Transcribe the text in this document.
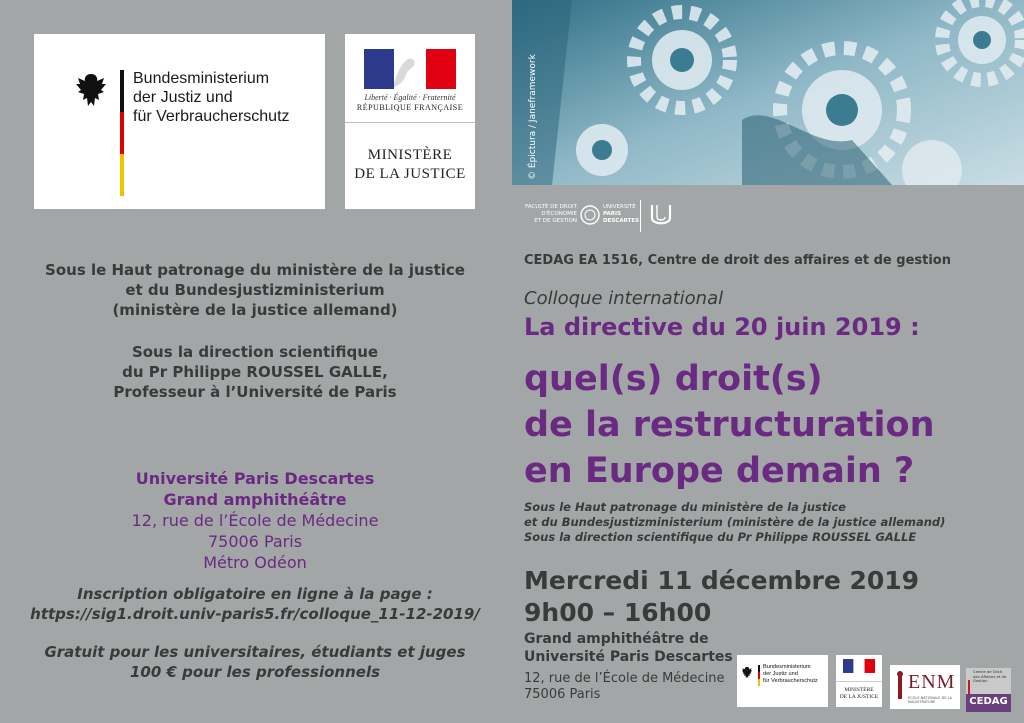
Bundesministerium
der Justiz und
für Verbraucherschutz
Liberté · Égalité · Fraternité
RÉPUBLIQUE FRANÇAISE
MINISTÈRE
DE LA JUSTICE	© Épictura / Janeframework
FACULTÉ DE DROIT
D'ÉCONOMIE
ET DE GESTION
UNIVERSITÉ
PARIS
DESCARTES
Sous le Haut patronage du ministère de la justice
et du Bundesjustizministerium
(ministère de la justice allemand)
Sous la direction scientifique
du Pr Philippe ROUSSEL GALLE,
Professeur à l’Université de Paris
Université Paris Descartes
Grand amphithéâtre
12, rue de l’École de Médecine
75006 Paris
Métro Odéon
Inscription obligatoire en ligne à la page :
https://sig1.droit.univ-paris5.fr/colloque_11-12-2019/
Gratuit pour les universitaires, étudiants et juges
100 € pour les professionnels
CEDAG EA 1516, Centre de droit des affaires et de gestion
Colloque international
La directive du 20 juin 2019 :
quel(s) droit(s)
de la restructuration
en Europe demain ?
Sous le Haut patronage du ministère de la justice
et du Bundesjustizministerium (ministère de la justice allemand)
Sous la direction scientifique du Pr Philippe ROUSSEL GALLE
Mercredi 11 décembre 2019
9h00 – 16h00
Grand amphithéâtre de
Université Paris Descartes
12, rue de l’École de Médecine
75006 Paris
Bundesministerium
der Justiz und
für Verbraucherschutz
MINISTÈRE
DE LA JUSTICE
ENM
ÉCOLE NATIONALE DE LA MAGISTRATURE
Centre de Droit des Affaires et de Gestion
CEDAG
